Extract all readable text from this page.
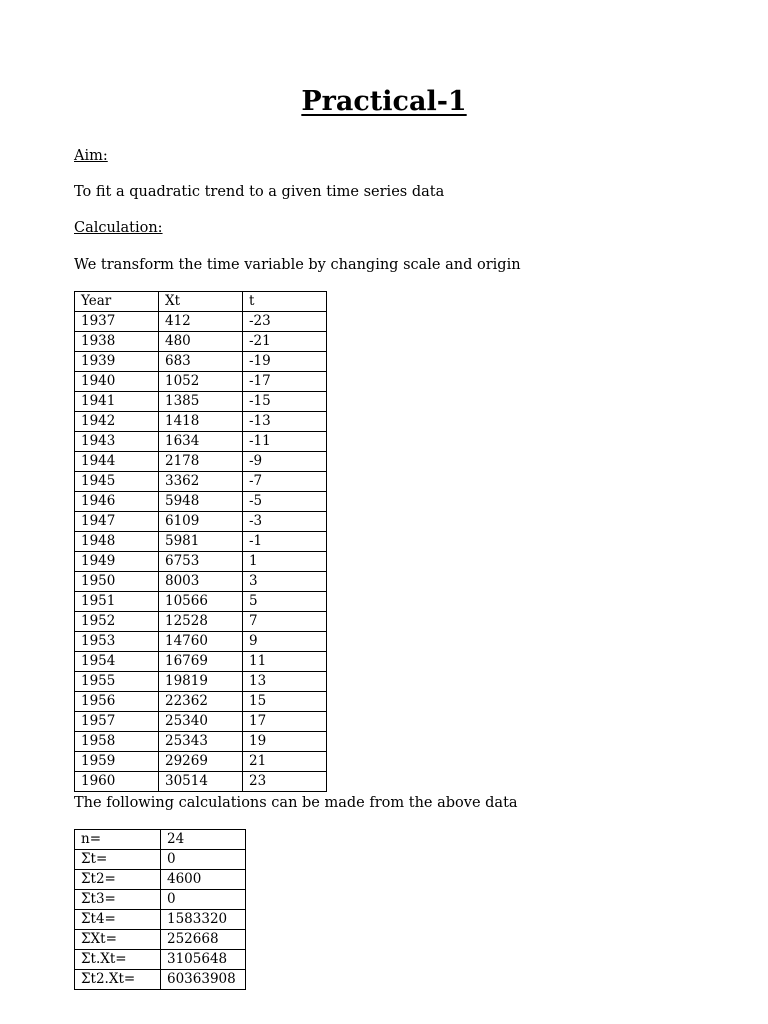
Practical-1
Aim:
To fit a quadratic trend to a given time series data
Calculation:
We transform the time variable by changing scale and origin
Year	Xt	t
1937	412	-23
1938	480	-21
1939	683	-19
1940	1052	-17
1941	1385	-15
1942	1418	-13
1943	1634	-11
1944	2178	-9
1945	3362	-7
1946	5948	-5
1947	6109	-3
1948	5981	-1
1949	6753	1
1950	8003	3
1951	10566	5
1952	12528	7
1953	14760	9
1954	16769	11
1955	19819	13
1956	22362	15
1957	25340	17
1958	25343	19
1959	29269	21
1960	30514	23
The following calculations can be made from the above data
n=	24
Σt=	0
Σt2=	4600
Σt3=	0
Σt4=	1583320
ΣXt=	252668
Σt.Xt=	3105648
Σt2.Xt=	60363908
